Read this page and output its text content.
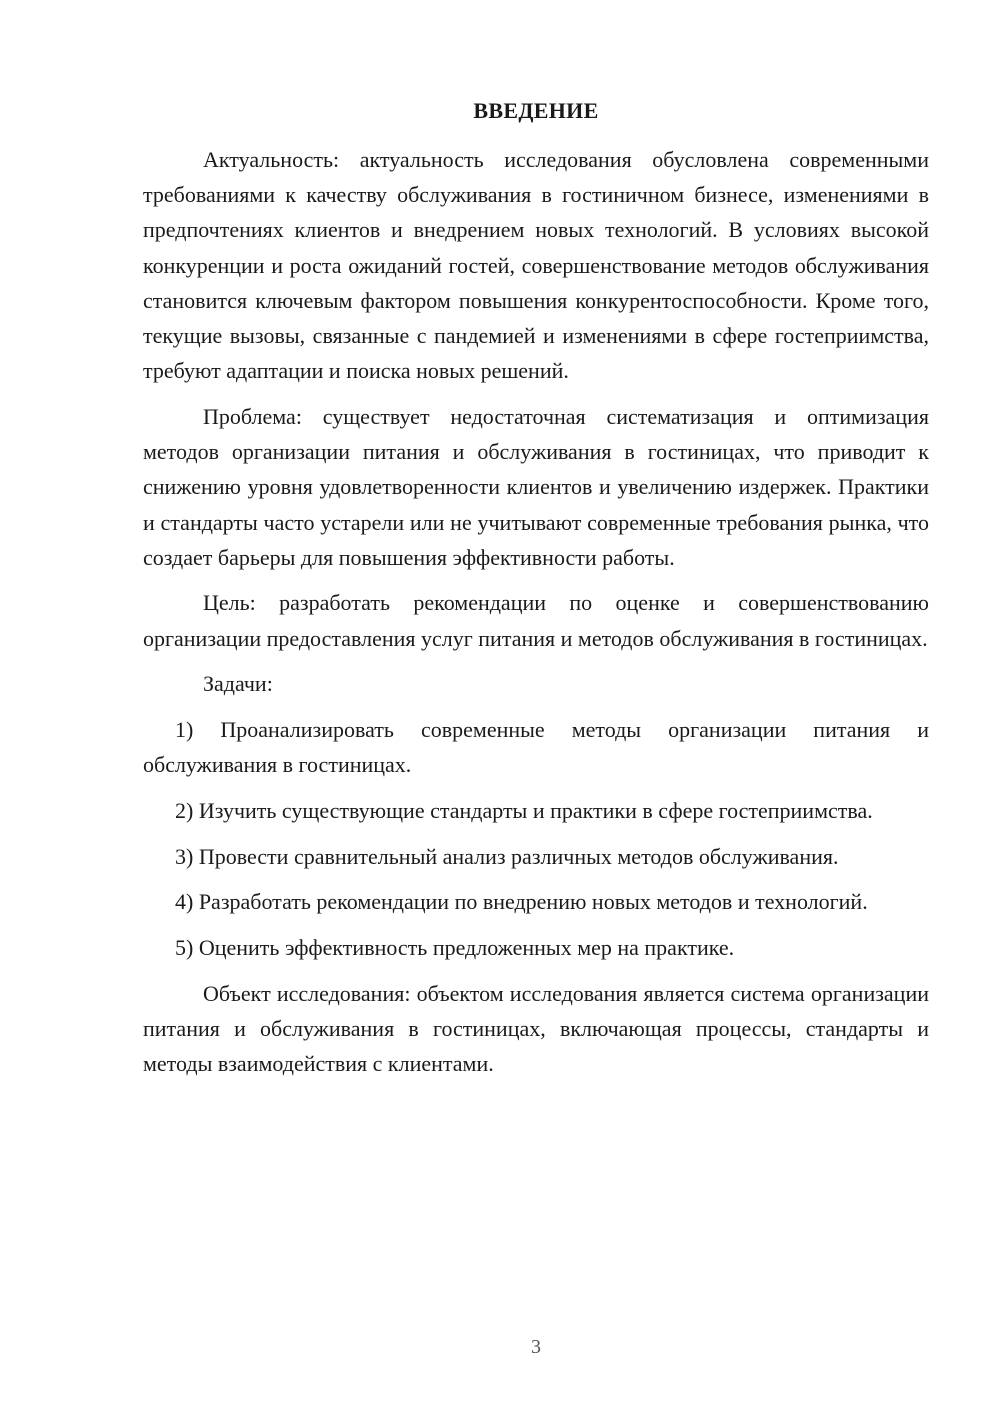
ВВЕДЕНИЕ

Актуальность: актуальность исследования обусловлена современными требованиями к качеству обслуживания в гостиничном бизнесе, изменениями в предпочтениях клиентов и внедрением новых технологий. В условиях высокой конкуренции и роста ожиданий гостей, совершенствование методов обслуживания становится ключевым фактором повышения конкурентоспособности. Кроме того, текущие вызовы, связанные с пандемией и изменениями в сфере гостеприимства, требуют адаптации и поиска новых решений.

Проблема: существует недостаточная систематизация и оптимизация методов организации питания и обслуживания в гостиницах, что приводит к снижению уровня удовлетворенности клиентов и увеличению издержек. Практики и стандарты часто устарели или не учитывают современные требования рынка, что создает барьеры для повышения эффективности работы.

Цель: разработать рекомендации по оценке и совершенствованию организации предоставления услуг питания и методов обслуживания в гостиницах.

Задачи:

1) Проанализировать современные методы организации питания и обслуживания в гостиницах.

2) Изучить существующие стандарты и практики в сфере гостеприимства.

3) Провести сравнительный анализ различных методов обслуживания.

4) Разработать рекомендации по внедрению новых методов и технологий.

5) Оценить эффективность предложенных мер на практике.

Объект исследования: объектом исследования является система организации питания и обслуживания в гостиницах, включающая процессы, стандарты и методы взаимодействия с клиентами.

3
